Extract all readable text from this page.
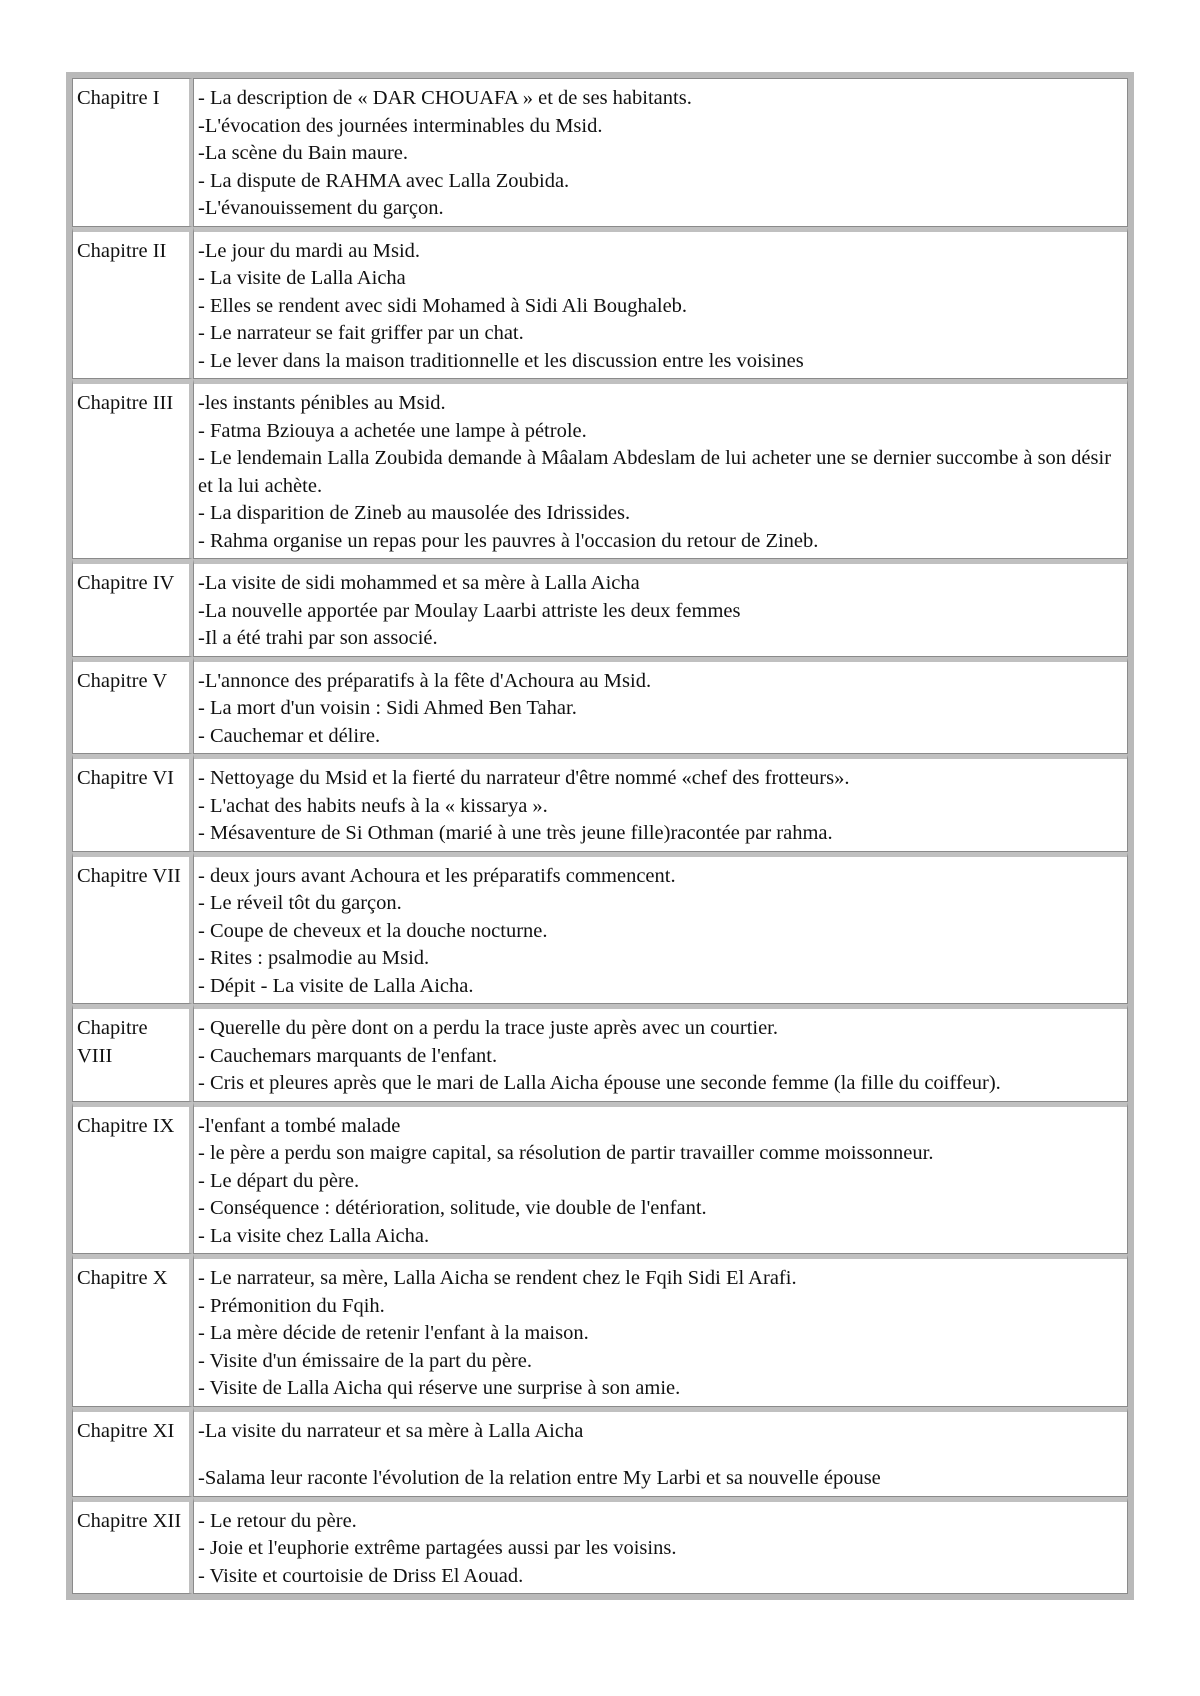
Chapitre I	- La description de « DAR CHOUAFA » et de ses habitants.
-L'évocation des journées interminables du Msid.
-La scène du Bain maure.
- La dispute de RAHMA avec Lalla Zoubida.
-L'évanouissement du garçon.

Chapitre II	-Le jour du mardi au Msid.
- La visite de Lalla Aicha
- Elles se rendent avec sidi Mohamed à Sidi Ali Boughaleb.
- Le narrateur se fait griffer par un chat.
- Le lever dans la maison traditionnelle et les discussion entre les voisines

Chapitre III	-les instants pénibles au Msid.
- Fatma Bziouya a achetée une lampe à pétrole.
- Le lendemain Lalla Zoubida demande à Mâalam Abdeslam de lui acheter une se dernier succombe à son désir et la lui achète.
- La disparition de Zineb au mausolée des Idrissides.
- Rahma organise un repas pour les pauvres à l'occasion du retour de Zineb.

Chapitre IV	-La visite de sidi mohammed et sa mère à Lalla Aicha
-La nouvelle apportée par Moulay Laarbi attriste les deux femmes
-Il a été trahi par son associé.

Chapitre V	-L'annonce des préparatifs à la fête d'Achoura au Msid.
- La mort d'un voisin : Sidi Ahmed Ben Tahar.
- Cauchemar et délire.

Chapitre VI	- Nettoyage du Msid et la fierté du narrateur d'être nommé «chef des frotteurs».
- L'achat des habits neufs à la « kissarya ».
- Mésaventure de Si Othman (marié à une très jeune fille)racontée par rahma.

Chapitre VII	- deux jours avant Achoura et les préparatifs commencent.
- Le réveil tôt du garçon.
- Coupe de cheveux et la douche nocturne.
- Rites : psalmodie au Msid.
- Dépit - La visite de Lalla Aicha.

Chapitre VIII	- Querelle du père dont on a perdu la trace juste après avec un courtier.
- Cauchemars marquants de l'enfant.
- Cris et pleures après que le mari de Lalla Aicha épouse une seconde femme (la fille du coiffeur).

Chapitre IX	-l'enfant a tombé malade
- le père a perdu son maigre capital, sa résolution de partir travailler comme moissonneur.
- Le départ du père.
- Conséquence : détérioration, solitude, vie double de l'enfant.
- La visite chez Lalla Aicha.

Chapitre X	- Le narrateur, sa mère, Lalla Aicha se rendent chez le Fqih Sidi El Arafi.
- Prémonition du Fqih.
- La mère décide de retenir l'enfant à la maison.
- Visite d'un émissaire de la part du père.
- Visite de Lalla Aicha qui réserve une surprise à son amie.

Chapitre XI	-La visite du narrateur et sa mère à Lalla Aicha
-Salama leur raconte l'évolution de la relation entre My Larbi et sa nouvelle épouse

Chapitre XII	- Le retour du père.
- Joie et l'euphorie extrême partagées aussi par les voisins.
- Visite et courtoisie de Driss El Aouad.
